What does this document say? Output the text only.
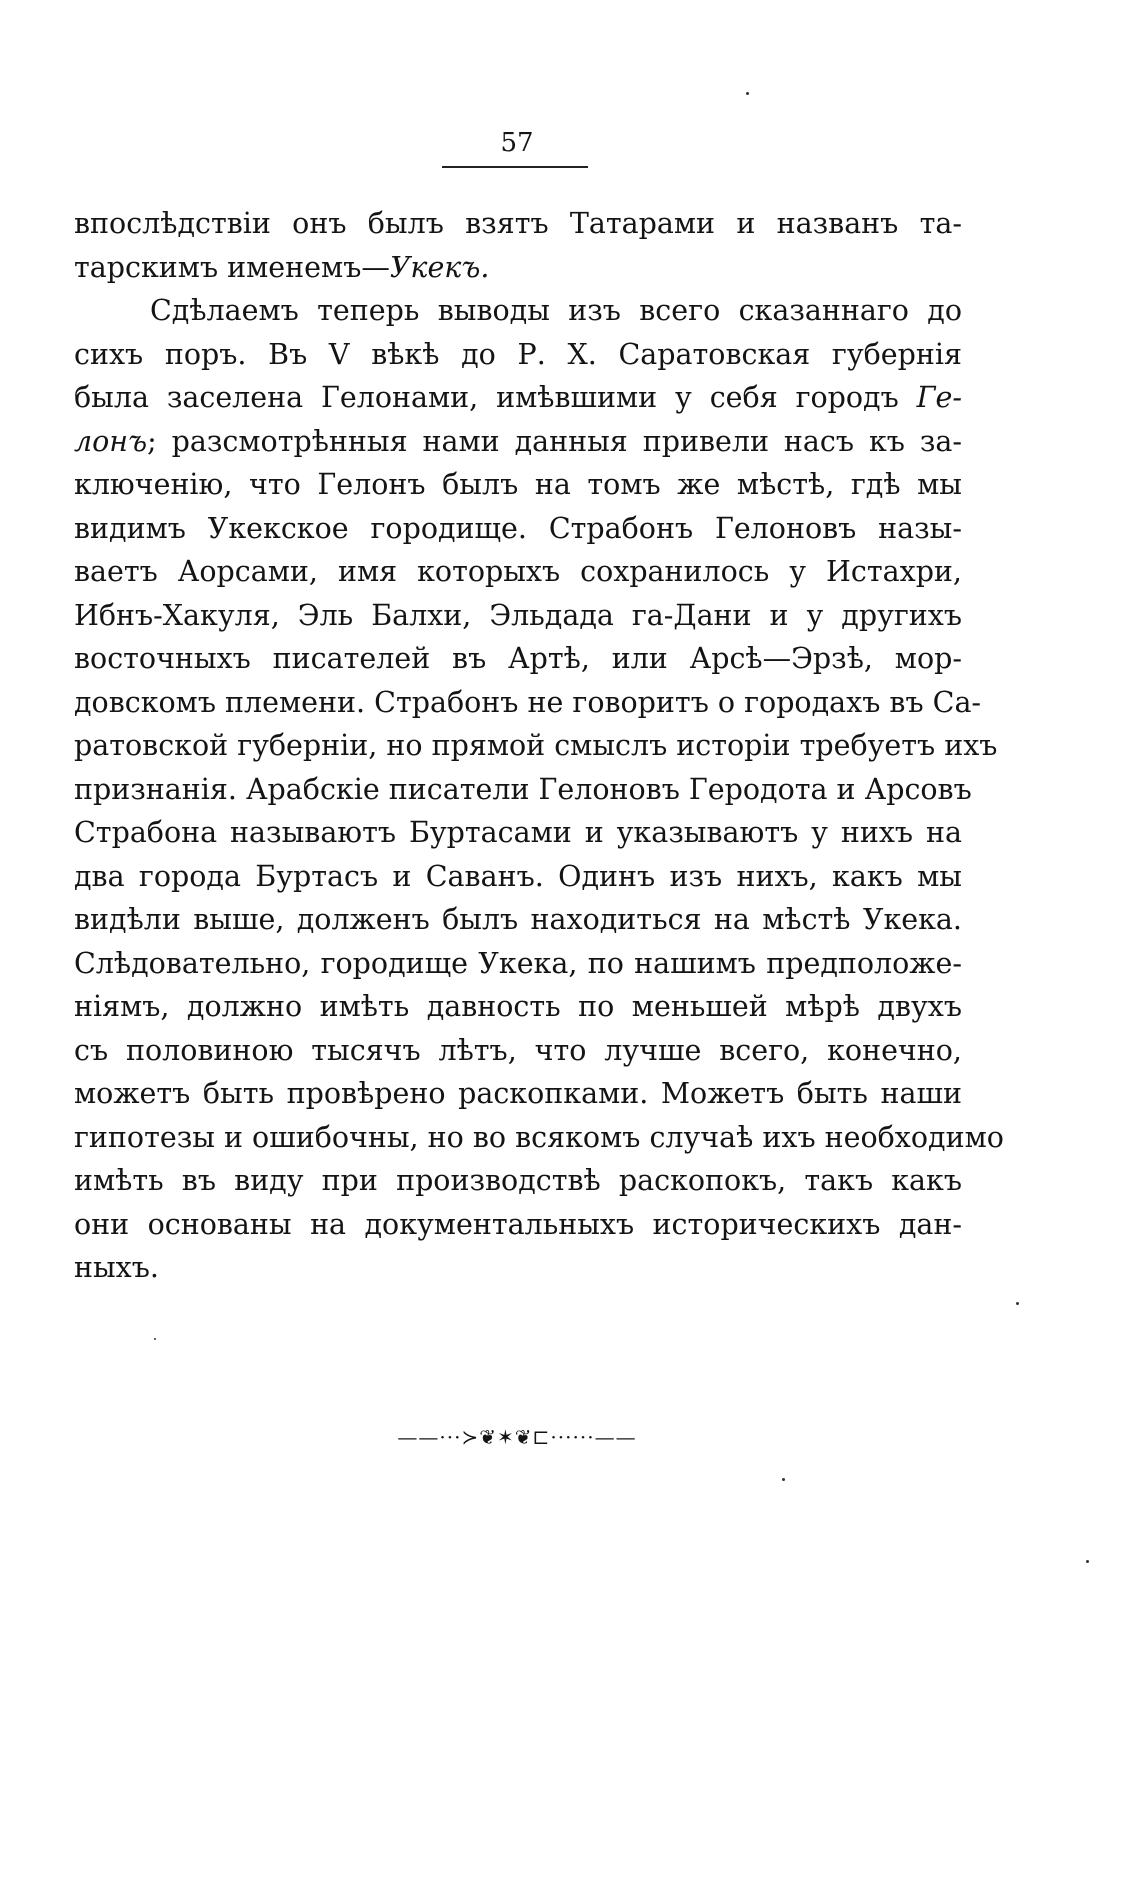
57
впослѣдствіи онъ былъ взятъ Татарами и названъ та-
тарскимъ именемъ—Укекъ.
Сдѣлаемъ теперь выводы изъ всего сказаннаго до
сихъ поръ. Въ V вѣкѣ до Р. Х. Саратовская губернія
была заселена Гелонами, имѣвшими у себя городъ Ге-
лонъ; разсмотрѣнныя нами данныя привели насъ къ за-
ключенію, что Гелонъ былъ на томъ же мѣстѣ, гдѣ мы
видимъ Укекское городище. Страбонъ Гелоновъ назы-
ваетъ Аорсами, имя которыхъ сохранилось у Истахри,
Ибнъ-Хакуля, Эль Балхи, Эльдада га-Дани и у другихъ
восточныхъ писателей въ Артѣ, или Арсѣ—Эрзѣ, мор-
довскомъ племени. Страбонъ не говоритъ о городахъ въ Са-
ратовской губерніи, но прямой смыслъ исторіи требуетъ ихъ
признанія. Арабскіе писатели Гелоновъ Геродота и Арсовъ
Страбона называютъ Буртасами и указываютъ у нихъ на
два города Буртасъ и Саванъ. Одинъ изъ нихъ, какъ мы
видѣли выше, долженъ былъ находиться на мѣстѣ Укека.
Слѣдовательно, городище Укека, по нашимъ предположе-
ніямъ, должно имѣть давность по меньшей мѣрѣ двухъ
съ половиною тысячъ лѣтъ, что лучше всего, конечно,
можетъ быть провѣрено раскопками. Можетъ быть наши
гипотезы и ошибочны, но во всякомъ случаѣ ихъ необходимо
имѣть въ виду при производствѣ раскопокъ, такъ какъ
они основаны на документальныхъ историческихъ дан-
ныхъ.
——···≻❦✶❦⊏······——
